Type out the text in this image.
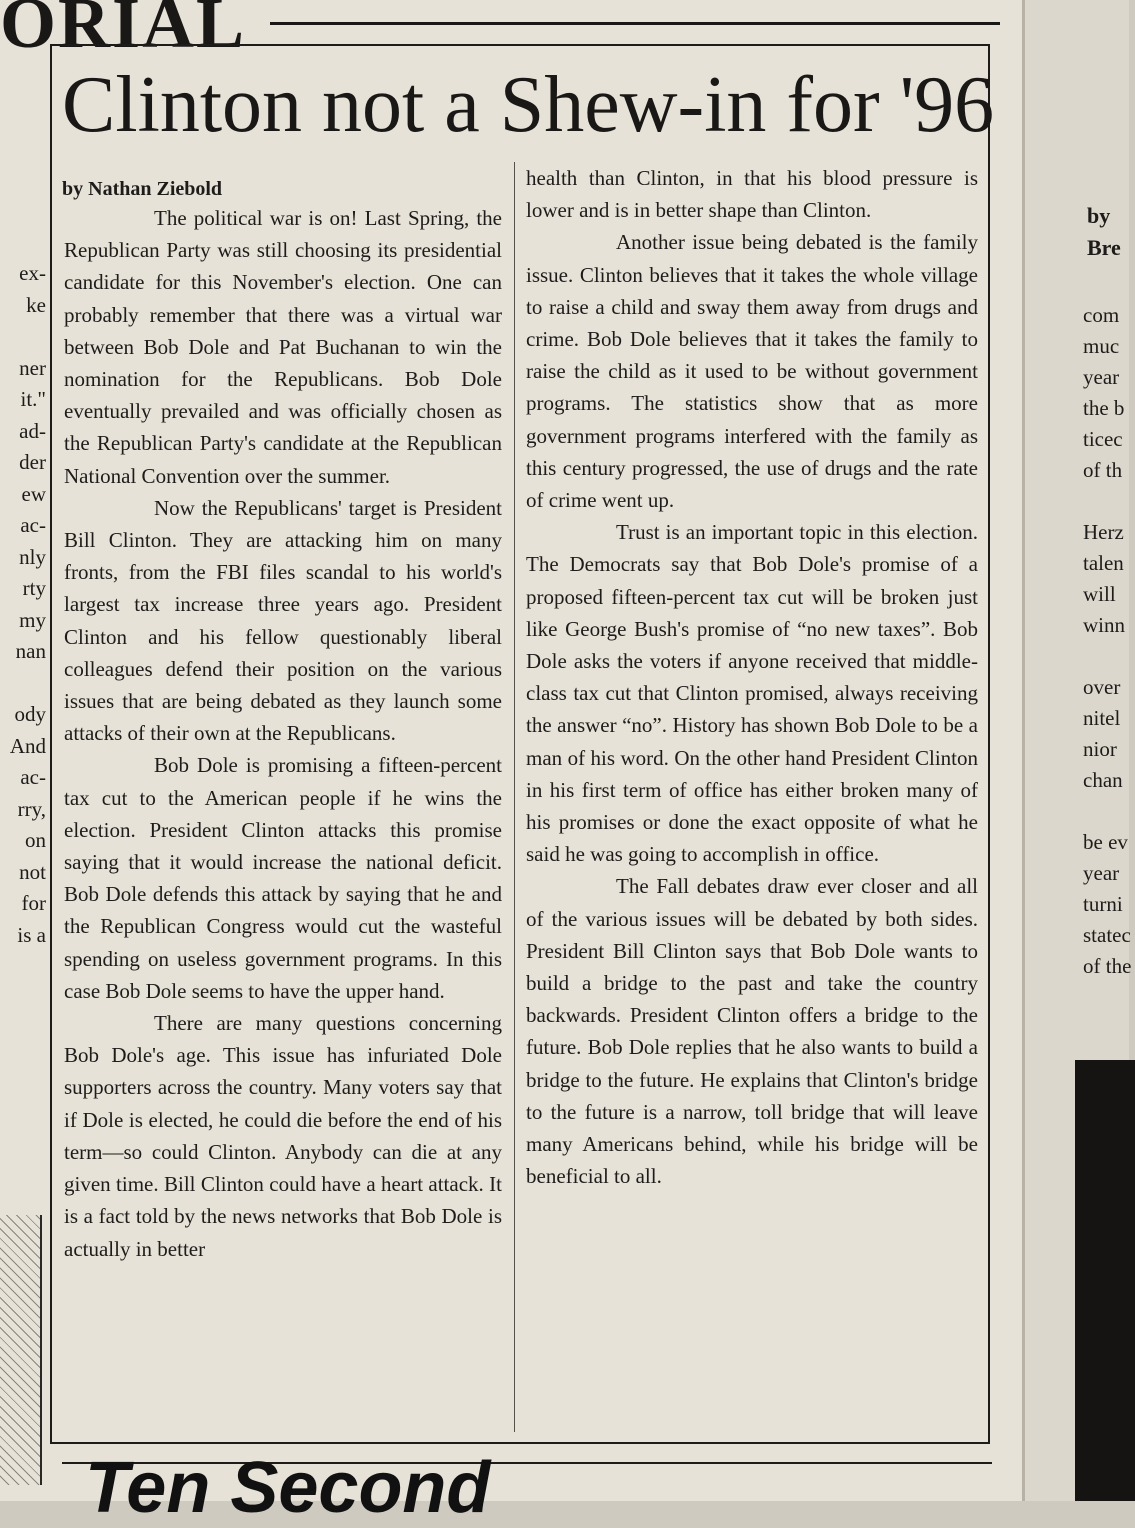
ORIAL
ex-
ke
ner
it."
ad-
der
ew
ac-
nly
rty
my
nan
ody
And
ac-
rry,
on
not
for
is a
Clinton not a Shew-in for '96
by Nathan Ziebold

The political war is on! Last Spring, the Republican Party was still choosing its presidential candidate for this November's election. One can probably remember that there was a virtual war between Bob Dole and Pat Buchanan to win the nomination for the Republicans. Bob Dole eventually prevailed and was officially chosen as the Republican Party's candidate at the Republican National Convention over the summer.

Now the Republicans' target is President Bill Clinton. They are attacking him on many fronts, from the FBI files scandal to his world's largest tax increase three years ago. President Clinton and his fellow questionably liberal colleagues defend their position on the various issues that are being debated as they launch some attacks of their own at the Republicans.

Bob Dole is promising a fifteen-percent tax cut to the American people if he wins the election. President Clinton attacks this promise saying that it would increase the national deficit. Bob Dole defends this attack by saying that he and the Republican Congress would cut the wasteful spending on useless government programs. In this case Bob Dole seems to have the upper hand.

There are many questions concerning Bob Dole's age. This issue has infuriated Dole supporters across the country. Many voters say that if Dole is elected, he could die before the end of his term—so could Clinton. Anybody can die at any given time. Bill Clinton could have a heart attack. It is a fact told by the news networks that Bob Dole is actually in better

health than Clinton, in that his blood pressure is lower and is in better shape than Clinton.

Another issue being debated is the family issue. Clinton believes that it takes the whole village to raise a child and sway them away from drugs and crime. Bob Dole believes that it takes the family to raise the child as it used to be without government programs. The statistics show that as more government programs interfered with the family as this century progressed, the use of drugs and the rate of crime went up.

Trust is an important topic in this election. The Democrats say that Bob Dole's promise of a proposed fifteen-percent tax cut will be broken just like George Bush's promise of “no new taxes”. Bob Dole asks the voters if anyone received that middle-class tax cut that Clinton promised, always receiving the answer “no”. History has shown Bob Dole to be a man of his word. On the other hand President Clinton in his first term of office has either broken many of his promises or done the exact opposite of what he said he was going to accomplish in office.

The Fall debates draw ever closer and all of the various issues will be debated by both sides. President Bill Clinton says that Bob Dole wants to build a bridge to the past and take the country backwards. President Clinton offers a bridge to the future. Bob Dole replies that he also wants to build a bridge to the future. He explains that Clinton's bridge to the future is a narrow, toll bridge that will leave many Americans behind, while his bridge will be beneficial to all.

Ten Second
by
Bre
com
muc
year
the b
ticec
of th
Herz
talen
will
winn
over
nitel
nior
chan
be ev
year
turni
statec
of the
